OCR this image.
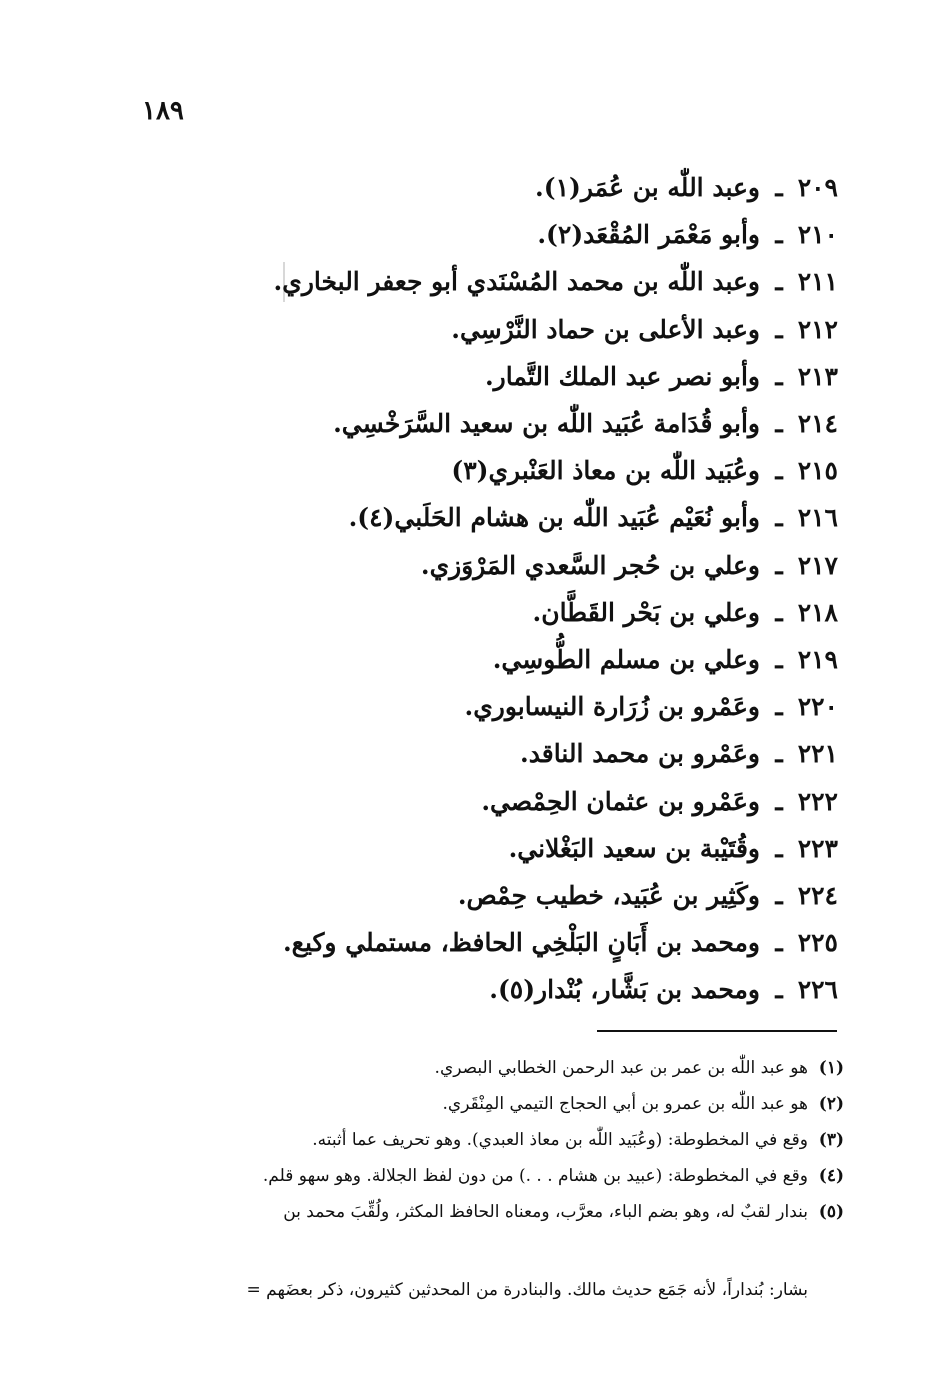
١٨٩
٢٠٩
ـ
وعبد اللّٰه بن عُمَر(١).
٢١٠
ـ
وأبو مَعْمَر المُقْعَد(٢).
٢١١
ـ
وعبد اللّٰه بن محمد المُسْنَدي أبو جعفر البخاري.
٢١٢
ـ
وعبد الأعلى بن حماد النَّرْسِي.
٢١٣
ـ
وأبو نصر عبد الملك التَّمار.
٢١٤
ـ
وأبو قُدَامة عُبَيد اللّٰه بن سعيد السَّرَخْسِي.
٢١٥
ـ
وعُبَيد اللّٰه بن معاذ العَنْبري(٣)
٢١٦
ـ
وأبو نُعَيْم عُبَيد اللّٰه بن هشام الحَلَبي(٤).
٢١٧
ـ
وعلي بن حُجر السَّعدي المَرْوَزي.
٢١٨
ـ
وعلي بن بَحْر القَطَّان.
٢١٩
ـ
وعلي بن مسلم الطُّوسِي.
٢٢٠
ـ
وعَمْرو بن زُرَارة النيسابوري.
٢٢١
ـ
وعَمْرو بن محمد الناقد.
٢٢٢
ـ
وعَمْرو بن عثمان الحِمْصي.
٢٢٣
ـ
وقُتَيْبة بن سعيد البَغْلاني.
٢٢٤
ـ
وكَثِير بن عُبَيد، خطيب حِمْص.
٢٢٥
ـ
ومحمد بن أَبَانٍ البَلْخِي الحافظ، مستملي وكيع.
٢٢٦
ـ
ومحمد بن بَشَّار، بُنْدار(٥).
(١)
هو عبد اللّٰه بن عمر بن عبد الرحمن الخطابي البصري.
(٢)
هو عبد اللّٰه بن عمرو بن أبي الحجاج التيمي المِنْقَري.
(٣)
وقع في المخطوطة: (وعُبَيد اللّٰه بن معاذ العبدي). وهو تحريف عما أثبته.
(٤)
وقع في المخطوطة: (عبيد بن هشام . . .) من دون لفظ الجلالة. وهو سهو قلم.
(٥)
بندار لقبٌ له، وهو بضم الباء، معرَّب، ومعناه الحافظ المكثر، ولُقِّبَ محمد بن
بشار: بُنداراً، لأنه جَمَع حديث مالك. والبنادرة من المحدثين كثيرون، ذكر بعضَهم =
